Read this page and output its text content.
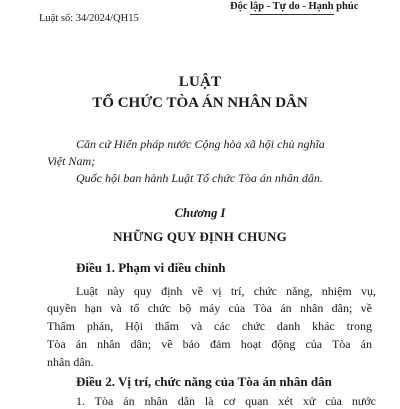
Độc lập - Tự do - Hạnh phúc
Luật số: 34/2024/QH15
LUẬT
TỔ CHỨC TÒA ÁN NHÂN DÂN
Căn cứ Hiến pháp nước Cộng hòa xã hội chủ nghĩa
Việt Nam;
Quốc hội ban hành Luật Tổ chức Tòa án nhân dân.
Chương I
NHỮNG QUY ĐỊNH CHUNG
Điều 1. Phạm vi điều chỉnh
Luật này quy định về vị trí, chức năng, nhiệm vụ,
quyền hạn và tổ chức bộ máy của Tòa án nhân dân; về
Thẩm phán, Hội thẩm và các chức danh khác trong
Tòa án nhân dân; về bảo đảm hoạt động của Tòa án
nhân dân.
Điều 2. Vị trí, chức năng của Tòa án nhân dân
1. Tòa án nhân dân là cơ quan xét xử của nước
